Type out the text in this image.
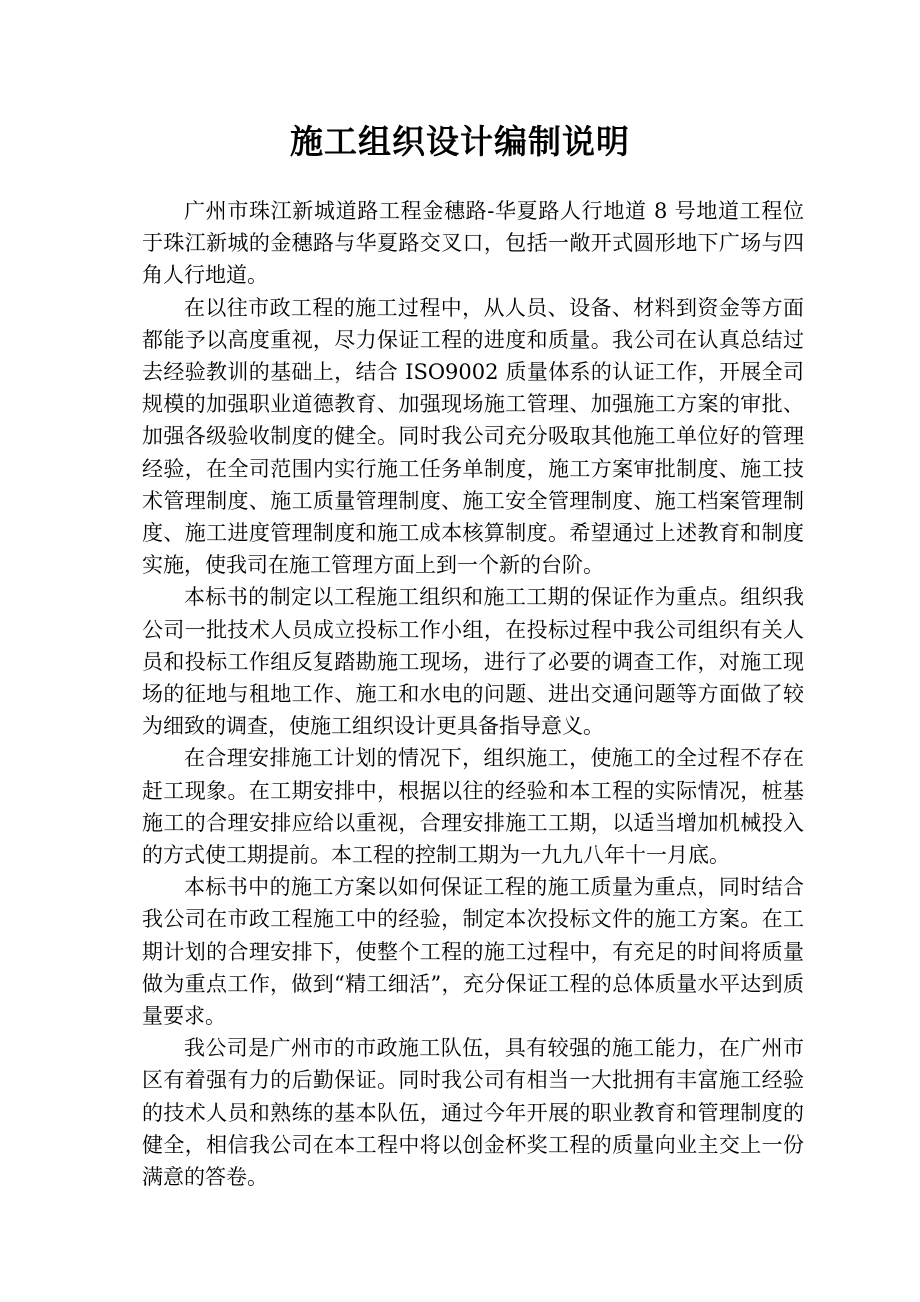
施工组织设计编制说明

广州市珠江新城道路工程金穗路-华夏路人行地道 8 号地道工程位于珠江新城的金穗路与华夏路交叉口，包括一敞开式圆形地下广场与四角人行地道。

在以往市政工程的施工过程中，从人员、设备、材料到资金等方面都能予以高度重视，尽力保证工程的进度和质量。我公司在认真总结过去经验教训的基础上，结合 ISO9002 质量体系的认证工作，开展全司规模的加强职业道德教育、加强现场施工管理、加强施工方案的审批、加强各级验收制度的健全。同时我公司充分吸取其他施工单位好的管理经验，在全司范围内实行施工任务单制度，施工方案审批制度、施工技术管理制度、施工质量管理制度、施工安全管理制度、施工档案管理制度、施工进度管理制度和施工成本核算制度。希望通过上述教育和制度实施，使我司在施工管理方面上到一个新的台阶。

本标书的制定以工程施工组织和施工工期的保证作为重点。组织我公司一批技术人员成立投标工作小组，在投标过程中我公司组织有关人员和投标工作组反复踏勘施工现场，进行了必要的调查工作，对施工现场的征地与租地工作、施工和水电的问题、进出交通问题等方面做了较为细致的调查，使施工组织设计更具备指导意义。

在合理安排施工计划的情况下，组织施工，使施工的全过程不存在赶工现象。在工期安排中，根据以往的经验和本工程的实际情况，桩基施工的合理安排应给以重视，合理安排施工工期，以适当增加机械投入的方式使工期提前。本工程的控制工期为一九九八年十一月底。

本标书中的施工方案以如何保证工程的施工质量为重点，同时结合我公司在市政工程施工中的经验，制定本次投标文件的施工方案。在工期计划的合理安排下，使整个工程的施工过程中，有充足的时间将质量做为重点工作，做到“精工细活”，充分保证工程的总体质量水平达到质量要求。

我公司是广州市的市政施工队伍，具有较强的施工能力，在广州市区有着强有力的后勤保证。同时我公司有相当一大批拥有丰富施工经验的技术人员和熟练的基本队伍，通过今年开展的职业教育和管理制度的健全，相信我公司在本工程中将以创金杯奖工程的质量向业主交上一份满意的答卷。
